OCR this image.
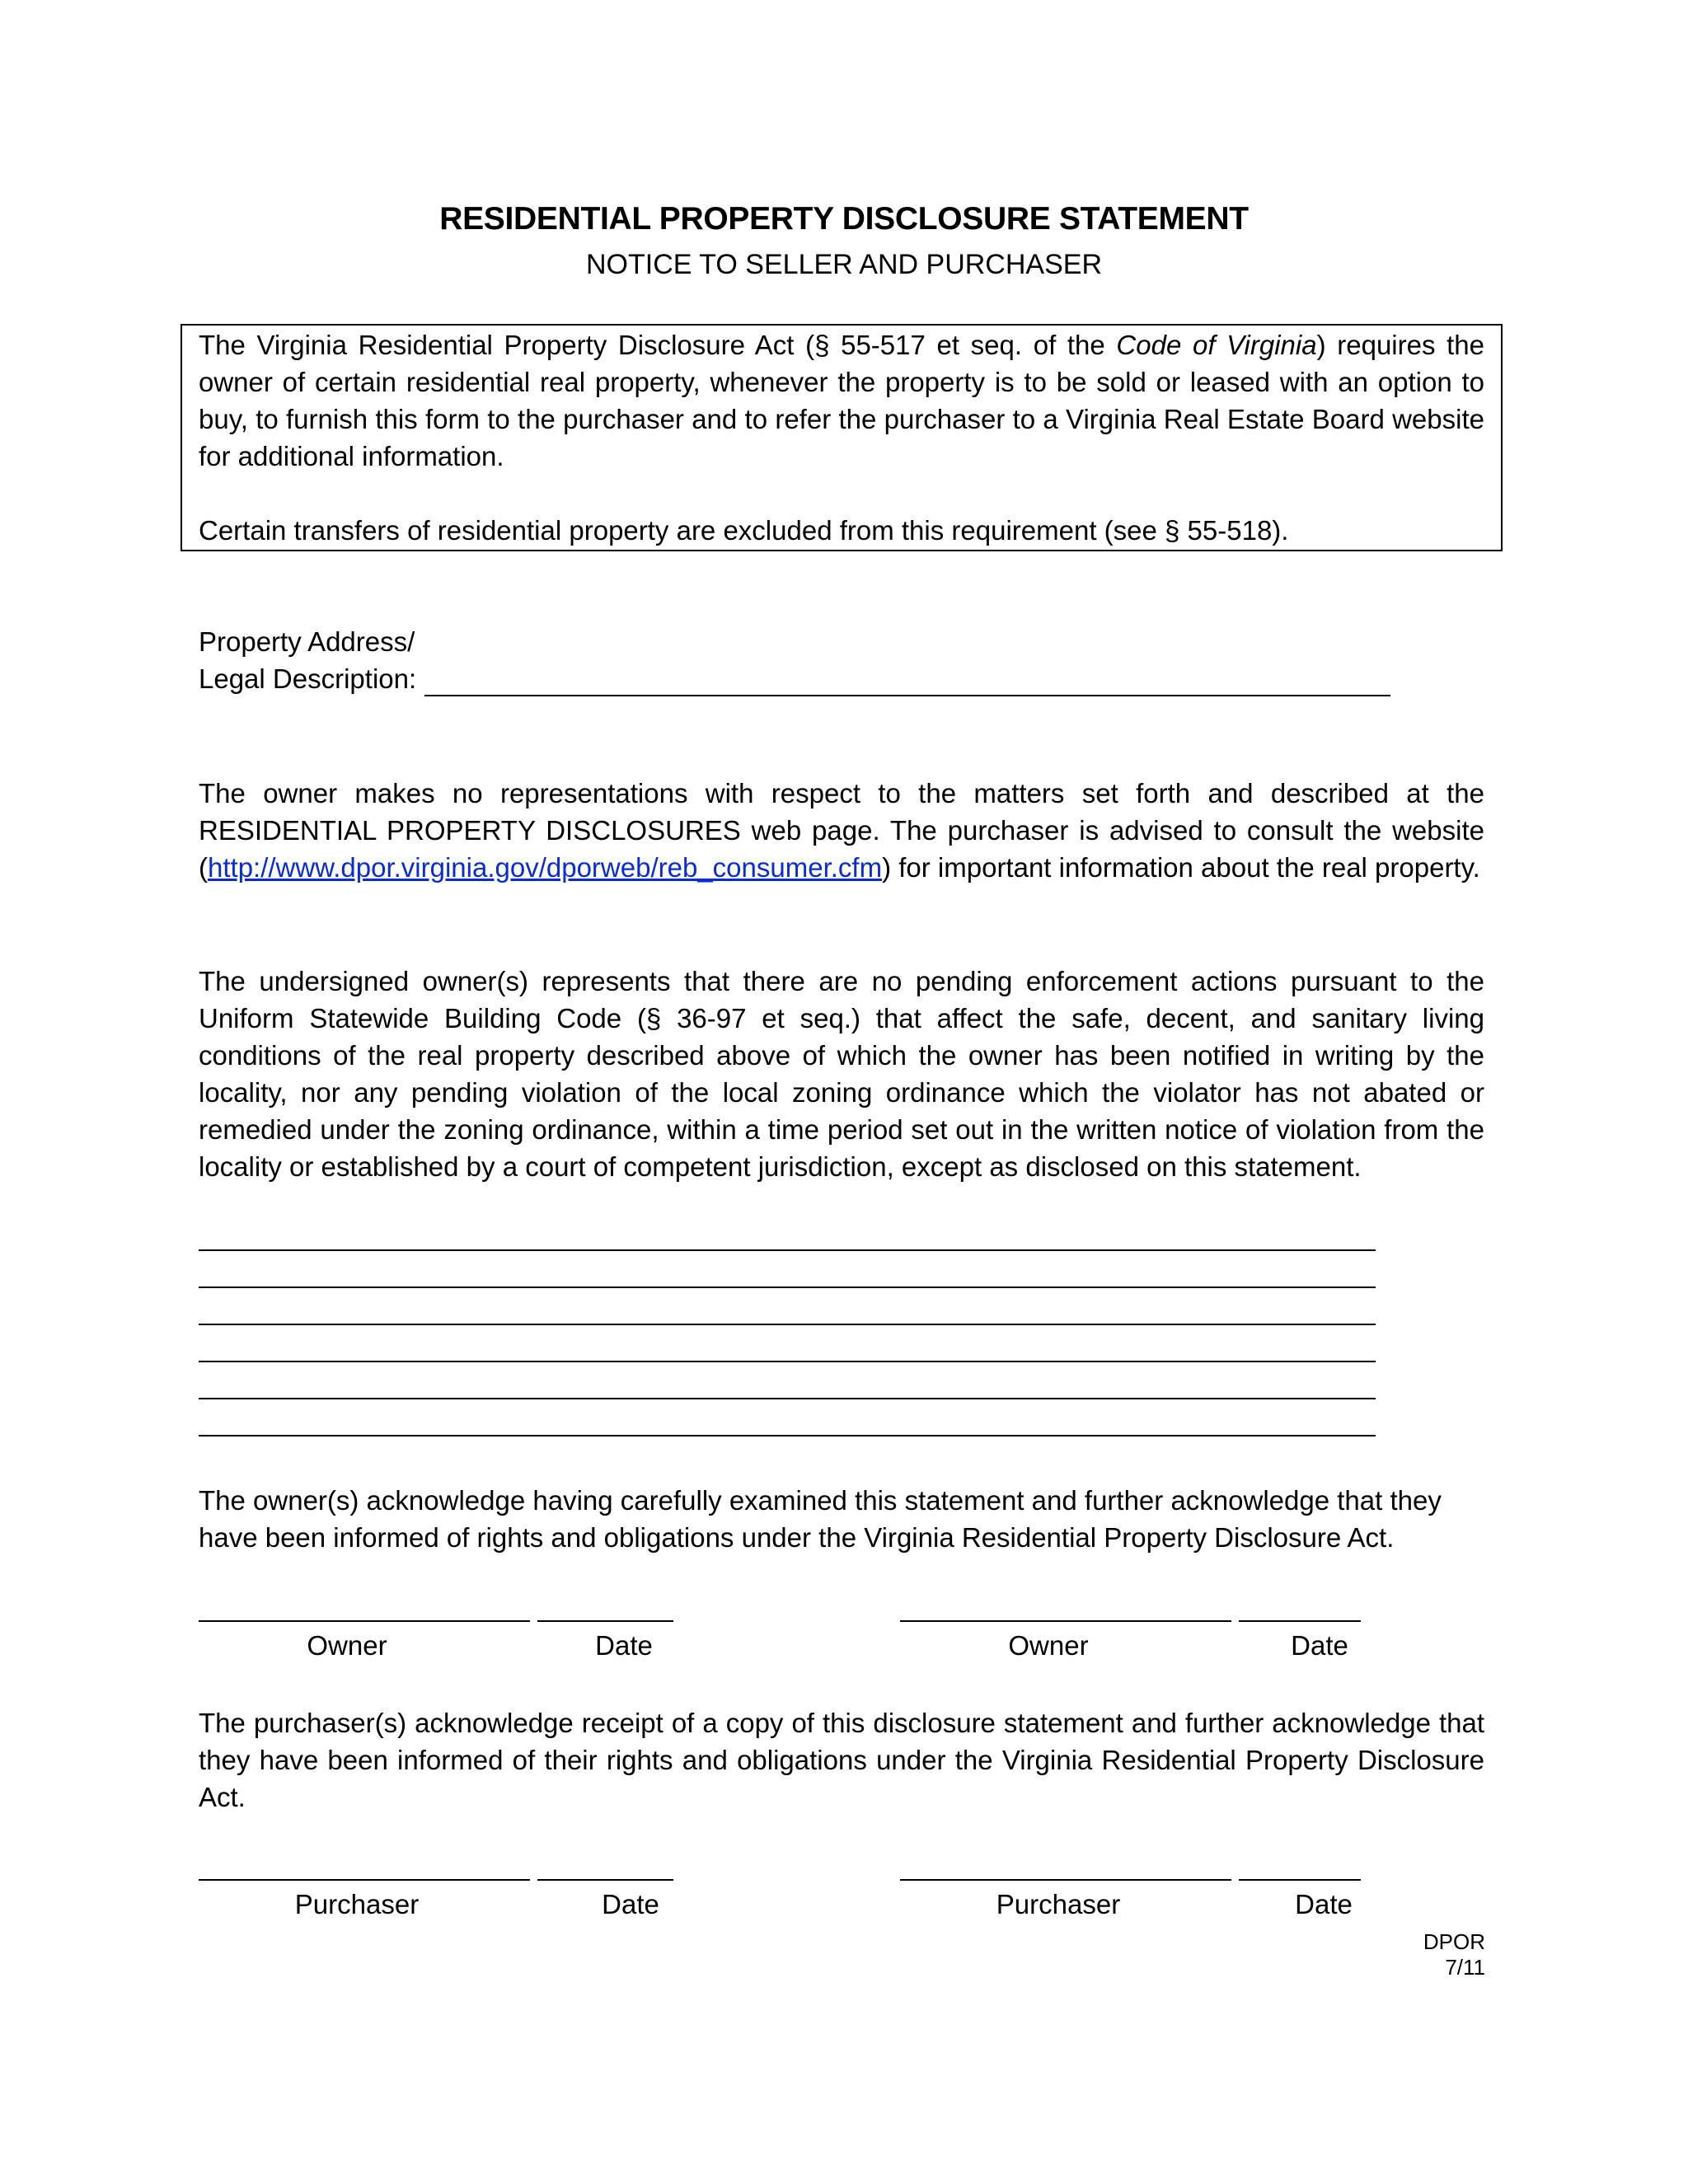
RESIDENTIAL PROPERTY DISCLOSURE STATEMENT
NOTICE TO SELLER AND PURCHASER
The Virginia Residential Property Disclosure Act (§ 55-517 et seq. of the Code of Virginia) requires the owner of certain residential real property, whenever the property is to be sold or leased with an option to buy, to furnish this form to the purchaser and to refer the purchaser to a Virginia Real Estate Board website for additional information.
Certain transfers of residential property are excluded from this requirement (see § 55-518).
Property Address/
Legal Description:
The owner makes no representations with respect to the matters set forth and described at the RESIDENTIAL PROPERTY DISCLOSURES web page. The purchaser is advised to consult the website (http://www.dpor.virginia.gov/dporweb/reb_consumer.cfm) for important information about the real property.
The undersigned owner(s) represents that there are no pending enforcement actions pursuant to the Uniform Statewide Building Code (§ 36-97 et seq.) that affect the safe, decent, and sanitary living conditions of the real property described above of which the owner has been notified in writing by the locality, nor any pending violation of the local zoning ordinance which the violator has not abated or remedied under the zoning ordinance, within a time period set out in the written notice of violation from the locality or established by a court of competent jurisdiction, except as disclosed on this statement.
The owner(s) acknowledge having carefully examined this statement and further acknowledge that they have been informed of rights and obligations under the Virginia Residential Property Disclosure Act.
Owner	Date	Owner	Date
The purchaser(s) acknowledge receipt of a copy of this disclosure statement and further acknowledge that they have been informed of their rights and obligations under the Virginia Residential Property Disclosure Act.
Purchaser	Date	Purchaser	Date
DPOR 7/11
